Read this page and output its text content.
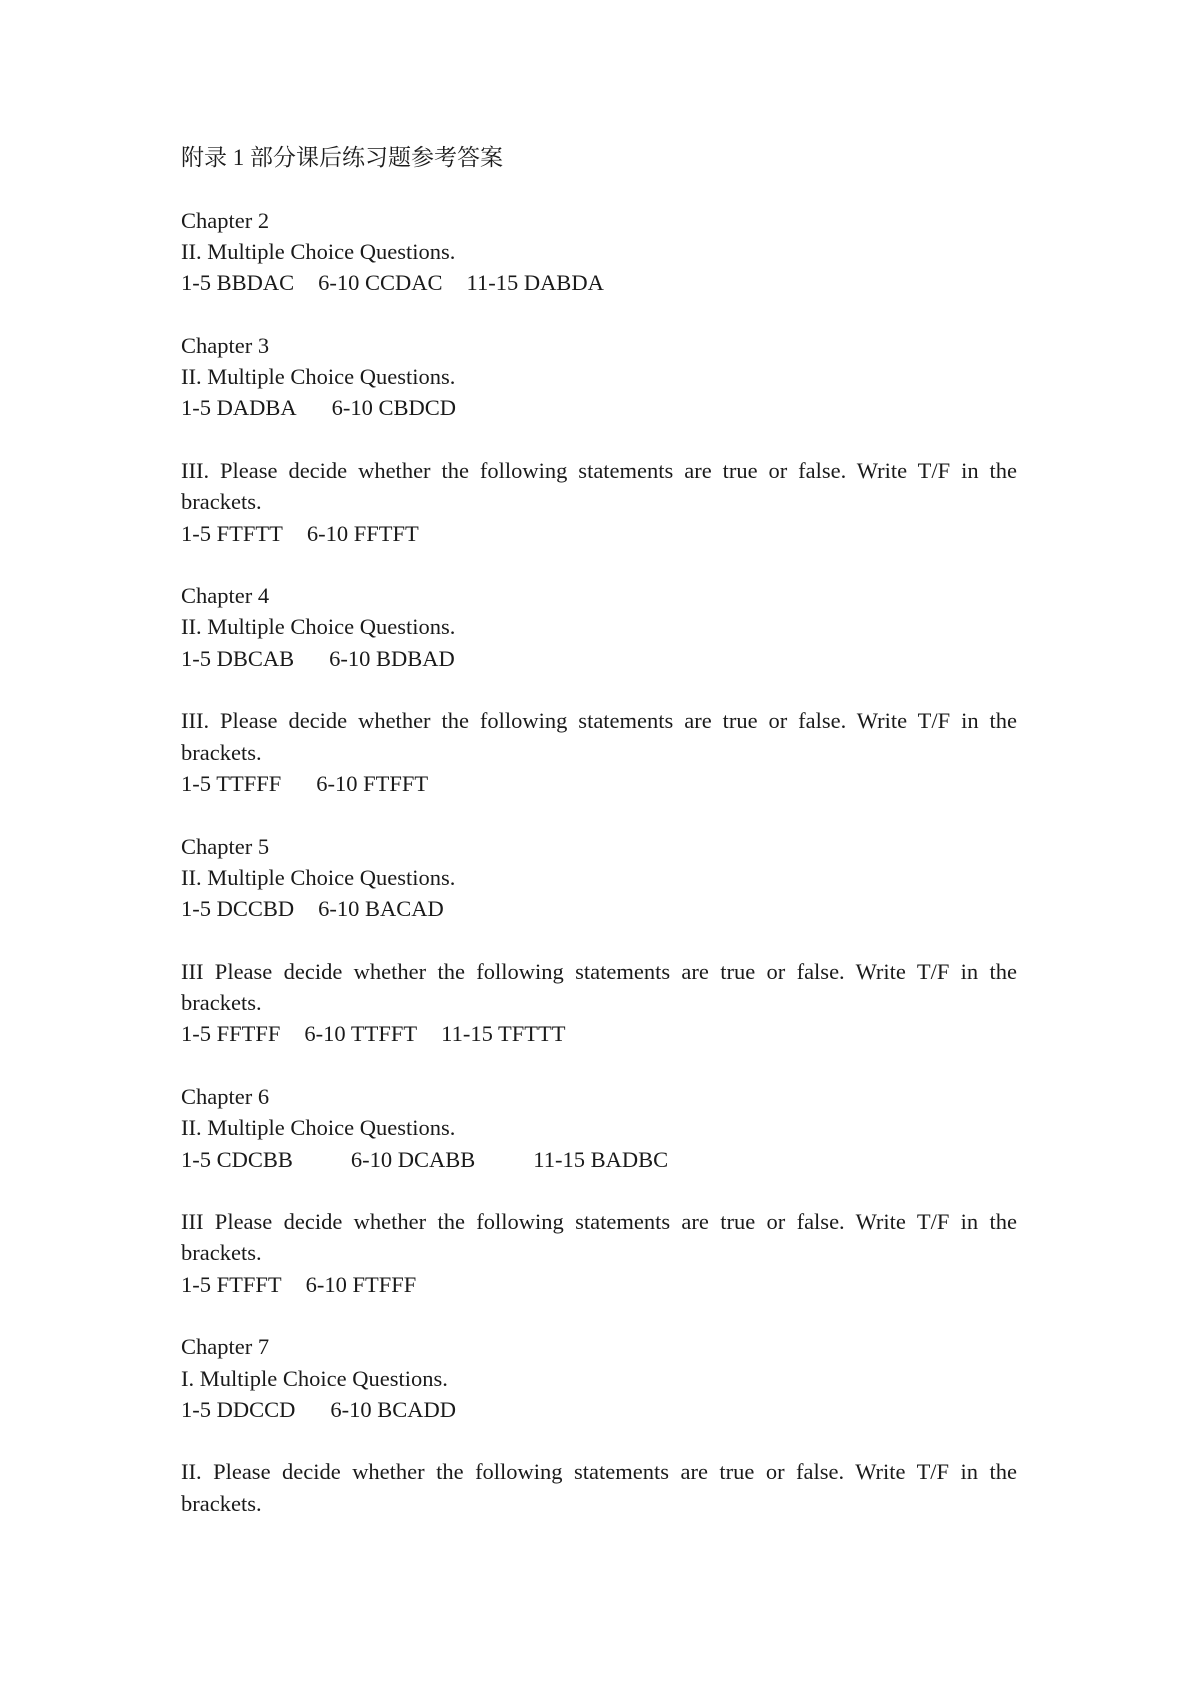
附录 1 部分课后练习题参考答案
Chapter 2
II. Multiple Choice Questions.
1-5 BBDAC 6-10 CCDAC 11-15 DABDA
Chapter 3
II. Multiple Choice Questions.
1-5 DADBA 6-10 CBDCD
III. Please decide whether the following statements are true or false. Write T/F in the brackets.
1-5 FTFTT 6-10 FFTFT
Chapter 4
II. Multiple Choice Questions.
1-5 DBCAB 6-10 BDBAD
III. Please decide whether the following statements are true or false. Write T/F in the brackets.
1-5 TTFFF 6-10 FTFFT
Chapter 5
II. Multiple Choice Questions.
1-5 DCCBD 6-10 BACAD
III Please decide whether the following statements are true or false. Write T/F in the brackets.
1-5 FFTFF 6-10 TTFFT 11-15 TFTTT
Chapter 6
II. Multiple Choice Questions.
1-5 CDCBB	6-10 DCABB	11-15 BADBC
III Please decide whether the following statements are true or false. Write T/F in the brackets.
1-5 FTFFT 6-10 FTFFF
Chapter 7
I. Multiple Choice Questions.
1-5 DDCCD 6-10 BCADD
II. Please decide whether the following statements are true or false. Write T/F in the brackets.
